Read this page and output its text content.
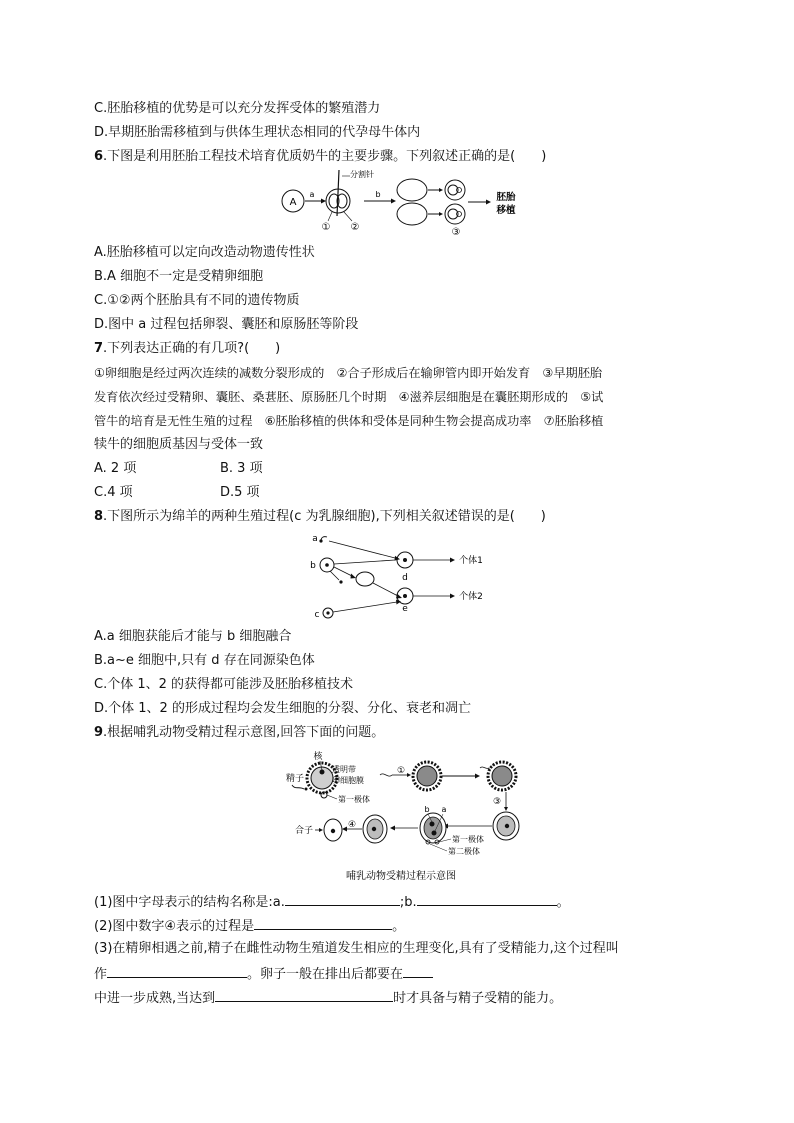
C.胚胎移植的优势是可以充分发挥受体的繁殖潜力
D.早期胚胎需移植到与供体生理状态相同的代孕母牛体内
6.下图是利用胚胎工程技术培育优质奶牛的主要步骤。下列叙述正确的是(　　)
A
a
分割针
① ②
b
③
胚胎
移植
A.胚胎移植可以定向改造动物遗传性状
B.A 细胞不一定是受精卵细胞
C.①②两个胚胎具有不同的遗传物质
D.图中 a 过程包括卵裂、囊胚和原肠胚等阶段
7.下列表达正确的有几项?(　　)
①卵细胞是经过两次连续的减数分裂形成的　②合子形成后在输卵管内即开始发育　③早期胚胎
发育依次经过受精卵、囊胚、桑葚胚、原肠胚几个时期　④滋养层细胞是在囊胚期形成的　⑤试
管牛的培育是无性生殖的过程　⑥胚胎移植的供体和受体是同种生物会提高成功率　⑦胚胎移植
犊牛的细胞质基因与受体一致
A. 2 项	B. 3 项
C.4 项	D.5 项
8.下图所示为绵羊的两种生殖过程(c 为乳腺细胞),下列相关叙述错误的是(　　)
a
b
d
个体1
c
e
个体2
A.a 细胞获能后才能与 b 细胞融合
B.a~e 细胞中,只有 d 存在同源染色体
C.个体 1、2 的获得都可能涉及胚胎移植技术
D.个体 1、2 的形成过程均会发生细胞的分裂、分化、衰老和凋亡
9.根据哺乳动物受精过程示意图,回答下面的问题。
核
精子
透明带
卵细胞膜
第一极体
①
③
b a
第一极体
第二极体
④
合子
哺乳动物受精过程示意图
(1)图中字母表示的结构名称是:a.	;b.	。
(2)图中数字④表示的过程是	。
(3)在精卵相遇之前,精子在雌性动物生殖道发生相应的生理变化,具有了受精能力,这个过程叫
作	。卵子一般在排出后都要在
中进一步成熟,当达到	时才具备与精子受精的能力。
